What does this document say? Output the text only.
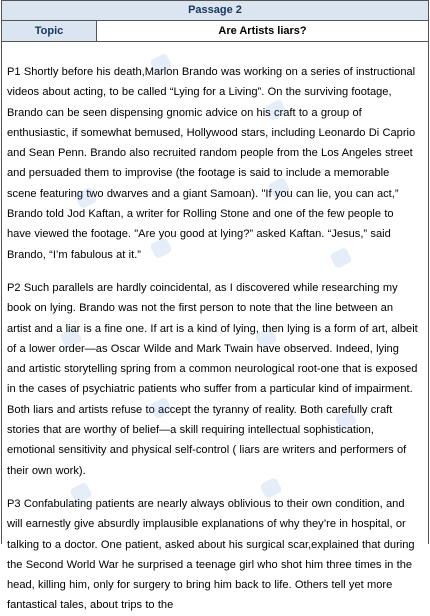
Passage 2
Topic	Are Artists liars?

P1 Shortly before his death,Marlon Brando was working on a series of instructional videos about acting, to be called “Lying for a Living”. On the surviving footage, Brando can be seen dispensing gnomic advice on his craft to a group of enthusiastic, if somewhat bemused, Hollywood stars, including Leonardo Di Caprio and Sean Penn. Brando also recruited random people from the Los Angeles street and persuaded them to improvise (the footage is said to include a memorable scene featuring two dwarves and a giant Samoan). "If you can lie, you can act,” Brando told Jod Kaftan, a writer for Rolling Stone and one of the few people to have viewed the footage. "Are you good at lying?” asked Kaftan. “Jesus,” said Brando, “I’m fabulous at it.”

P2 Such parallels are hardly coincidental, as I discovered while researching my book on lying. Brando was not the first person to note that the line between an artist and a liar is a fine one. If art is a kind of lying, then lying is a form of art, albeit of a lower order—as Oscar Wilde and Mark Twain have observed. Indeed, lying and artistic storytelling spring from a common neurological root-one that is exposed in the cases of psychiatric patients who suffer from a particular kind of impairment. Both liars and artists refuse to accept the tyranny of reality. Both carefully craft stories that are worthy of belief—a skill requiring intellectual sophistication, emotional sensitivity and physical self-control ( liars are writers and performers of their own work).

P3 Confabulating patients are nearly always oblivious to their own condition, and will earnestly give absurdly implausible explanations of why they’re in hospital, or talking to a doctor. One patient, asked about his surgical scar,explained that during the Second World War he surprised a teenage girl who shot him three times in the head, killing him, only for surgery to bring him back to life. Others tell yet more fantastical tales, about trips to the
